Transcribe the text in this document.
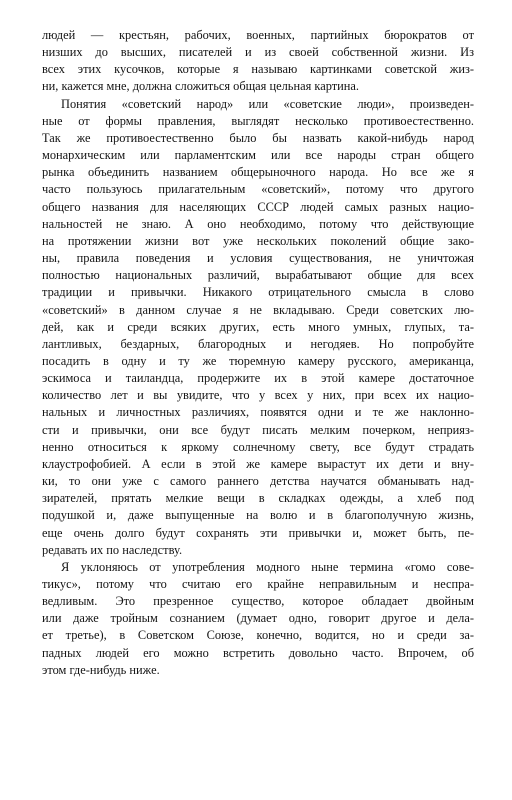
людей — крестьян, рабочих, военных, партийных бюрократов от
низших до высших, писателей и из своей собственной жизни. Из
всех этих кусочков, которые я называю картинками советской жиз-
ни, кажется мне, должна сложиться общая цельная картина.

Понятия «советский народ» или «советские люди», произведен-
ные от формы правления, выглядят несколько противоестественно.
Так же противоестественно было бы назвать какой-нибудь народ
монархическим или парламентским или все народы стран общего
рынка объединить названием общерыночного народа. Но все же я
часто пользуюсь прилагательным «советский», потому что другого
общего названия для населяющих СССР людей самых разных нацио-
нальностей не знаю. А оно необходимо, потому что действующие
на протяжении жизни вот уже нескольких поколений общие зако-
ны, правила поведения и условия существования, не уничтожая
полностью национальных различий, вырабатывают общие для всех
традиции и привычки. Никакого отрицательного смысла в слово
«советский» в данном случае я не вкладываю. Среди советских лю-
дей, как и среди всяких других, есть много умных, глупых, та-
лантливых, бездарных, благородных и негодяев. Но попробуйте
посадить в одну и ту же тюремную камеру русского, американца,
эскимоса и таиландца, продержите их в этой камере достаточное
количество лет и вы увидите, что у всех у них, при всех их нацио-
нальных и личностных различиях, появятся одни и те же наклонно-
сти и привычки, они все будут писать мелким почерком, неприяз-
ненно относиться к яркому солнечному свету, все будут страдать
клаустрофобией. А если в этой же камере вырастут их дети и вну-
ки, то они уже с самого раннего детства научатся обманывать над-
зирателей, прятать мелкие вещи в складках одежды, а хлеб под
подушкой и, даже выпущенные на волю и в благополучную жизнь,
еще очень долго будут сохранять эти привычки и, может быть, пе-
редавать их по наследству.

Я уклоняюсь от употребления модного ныне термина «гомо сове-
тикус», потому что считаю его крайне неправильным и неспра-
ведливым. Это презренное существо, которое обладает двойным
или даже тройным сознанием (думает одно, говорит другое и дела-
ет третье), в Советском Союзе, конечно, водится, но и среди за-
падных людей его можно встретить довольно часто. Впрочем, об
этом где-нибудь ниже.
